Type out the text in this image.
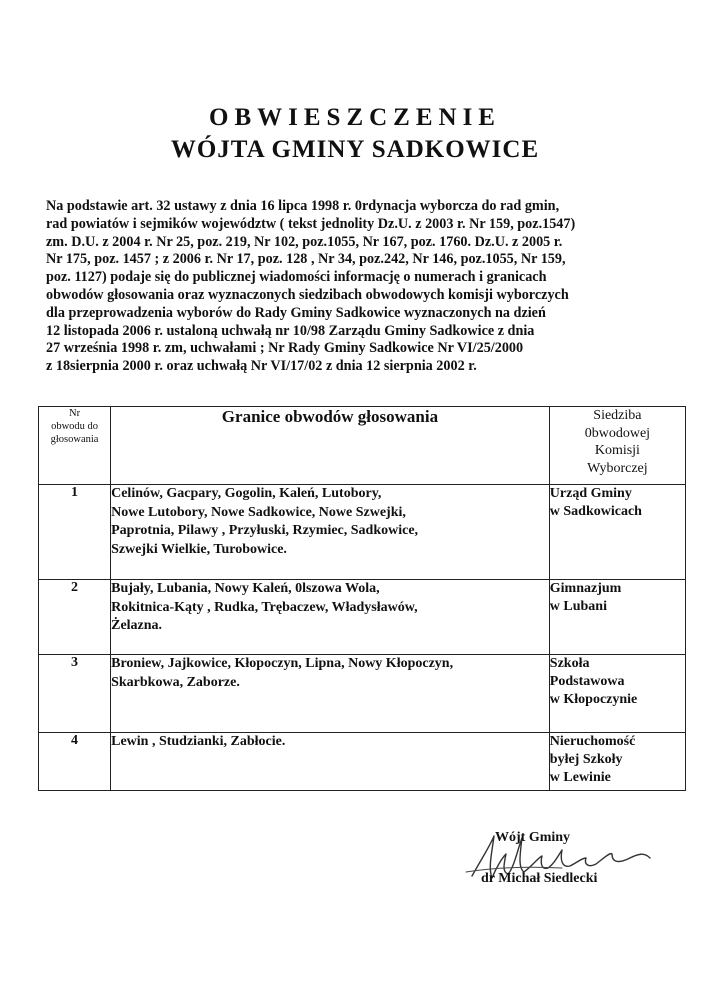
OBWIESZCZENIE
WÓJTA GMINY SADKOWICE

Na podstawie art. 32 ustawy z dnia 16 lipca 1998 r. 0rdynacja wyborcza do rad gmin,
rad powiatów i sejmików województw ( tekst jednolity Dz.U. z 2003 r. Nr 159, poz.1547)
zm. D.U. z 2004 r. Nr 25, poz. 219, Nr 102, poz.1055, Nr 167, poz. 1760. Dz.U. z 2005 r.
Nr 175, poz. 1457 ; z 2006 r. Nr 17, poz. 128 , Nr 34, poz.242, Nr 146, poz.1055, Nr 159,
poz. 1127) podaje się do publicznej wiadomości informację o numerach i granicach
obwodów głosowania oraz wyznaczonych siedzibach obwodowych komisji wyborczych
dla przeprowadzenia wyborów do Rady Gminy Sadkowice wyznaczonych na dzień
12 listopada 2006 r. ustaloną uchwałą nr 10/98 Zarządu Gminy Sadkowice z dnia
27 września 1998 r. zm, uchwałami ; Nr Rady Gminy Sadkowice Nr VI/25/2000
z 18sierpnia 2000 r. oraz uchwałą Nr VI/17/02 z dnia 12 sierpnia 2002 r.

Nr
obwodu do
głosowania	Granice obwodów głosowania	Siedziba
0bwodowej
Komisji
Wyborczej

1	Celinów, Gacpary, Gogolin, Kaleń, Lutobory,
Nowe Lutobory, Nowe Sadkowice, Nowe Szwejki,
Paprotnia, Pilawy , Przyłuski, Rzymiec, Sadkowice,
Szwejki Wielkie, Turobowice.	Urząd Gminy
w Sadkowicach

2	Bujały, Lubania, Nowy Kaleń, 0lszowa Wola,
Rokitnica-Kąty , Rudka, Trębaczew, Władysławów,
Żelazna.	Gimnazjum
w Lubani

3	Broniew, Jajkowice, Kłopoczyn, Lipna, Nowy Kłopoczyn,
Skarbkowa, Zaborze.	Szkoła
Podstawowa
w Kłopoczynie

4	Lewin , Studzianki, Zabłocie.	Nieruchomość
byłej Szkoły
w Lewinie
Wójt Gminy
dr Michał Siedlecki
